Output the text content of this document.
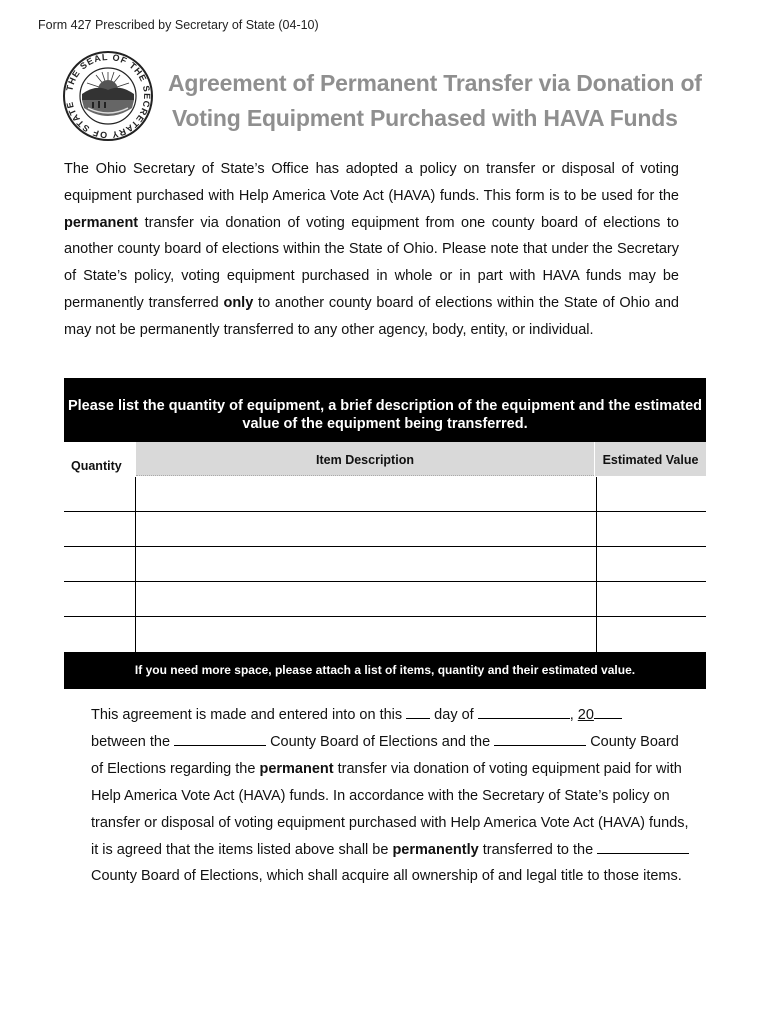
Form 427 Prescribed by Secretary of State (04-10)
THE SEAL OF THE SECRETARY OF STATE
Agreement of Permanent Transfer via Donation of
Voting Equipment Purchased with HAVA Funds
The Ohio Secretary of State’s Office has adopted a policy on transfer or disposal of voting equipment purchased with Help America Vote Act (HAVA) funds. This form is to be used for the permanent transfer via donation of voting equipment from one county board of elections to another county board of elections within the State of Ohio. Please note that under the Secretary of State’s policy, voting equipment purchased in whole or in part with HAVA funds may be permanently transferred only to another county board of elections within the State of Ohio and may not be permanently transferred to any other agency, body, entity, or individual.
Please list the quantity of equipment, a brief description of the equipment and the estimated value of the equipment being transferred.
Quantity	Item Description	Estimated Value
If you need more space, please attach a list of items, quantity and their estimated value.
This agreement is made and entered into on this  day of	, 20
between the	County Board of Elections and the	County Board of Elections regarding the permanent transfer via donation of voting equipment paid for with Help America Vote Act (HAVA) funds. In accordance with the Secretary of State’s policy on transfer or disposal of voting equipment purchased with Help America Vote Act (HAVA) funds, it is agreed that the items listed above shall be permanently transferred to the  County Board of Elections, which shall acquire all ownership of and legal title to those items.
